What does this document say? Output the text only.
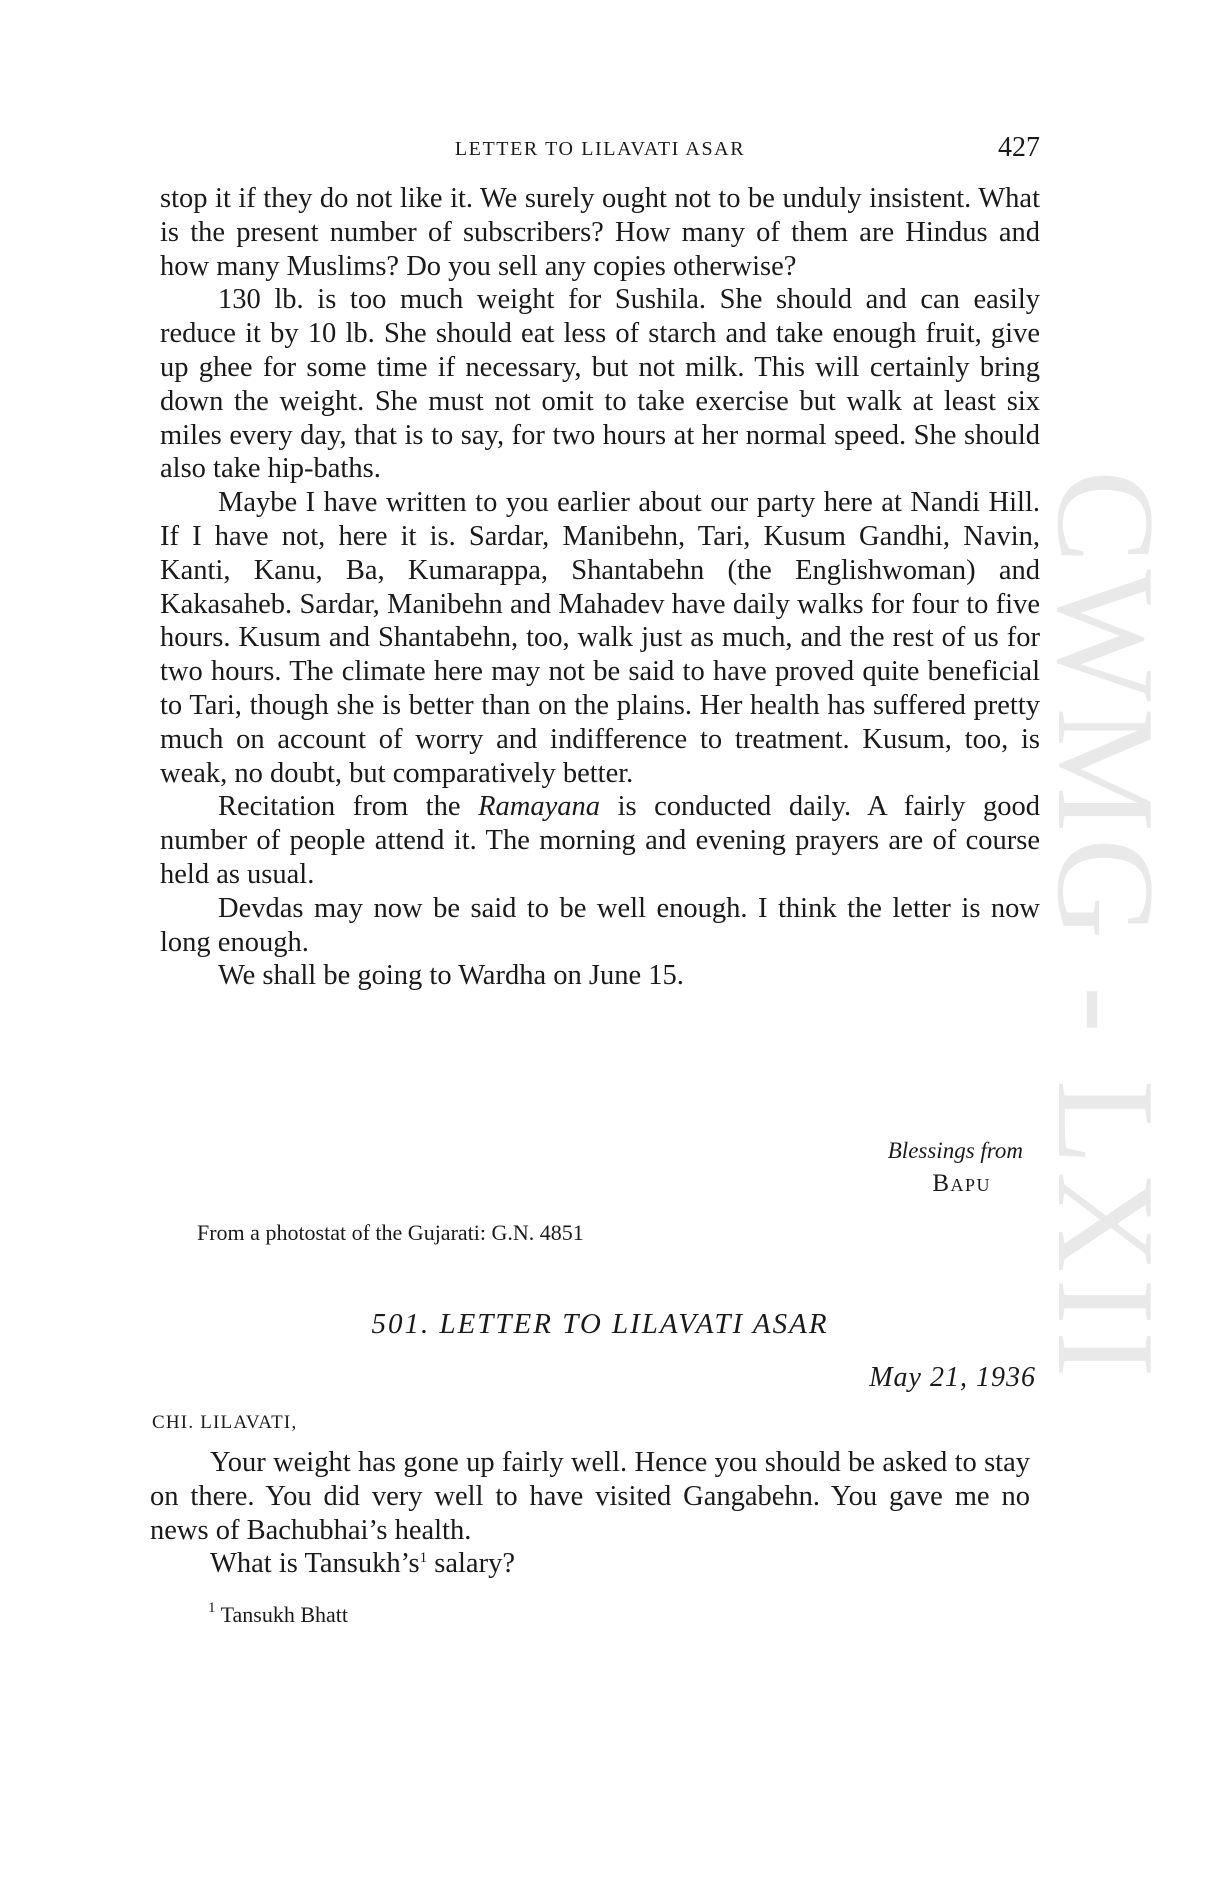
CWMG - LXII
LETTER TO LILAVATI ASAR	427

stop it if they do not like it. We surely ought not to be unduly insistent. What is the present number of subscribers? How many of them are Hindus and how many Muslims? Do you sell any copies otherwise?

130 lb. is too much weight for Sushila. She should and can easily reduce it by 10 lb. She should eat less of starch and take enough fruit, give up ghee for some time if necessary, but not milk. This will certainly bring down the weight. She must not omit to take exercise but walk at least six miles every day, that is to say, for two hours at her normal speed. She should also take hip-baths.

Maybe I have written to you earlier about our party here at Nandi Hill. If I have not, here it is. Sardar, Manibehn, Tari, Kusum Gandhi, Navin, Kanti, Kanu, Ba, Kumarappa, Shantabehn (the Englishwoman) and Kakasaheb. Sardar, Manibehn and Mahadev have daily walks for four to five hours. Kusum and Shantabehn, too, walk just as much, and the rest of us for two hours. The climate here may not be said to have proved quite beneficial to Tari, though she is better than on the plains. Her health has suffered pretty much on account of worry and indifference to treatment. Kusum, too, is weak, no doubt, but comparatively better.

Recitation from the Ramayana is conducted daily. A fairly good number of people attend it. The morning and evening prayers are of course held as usual.

Devdas may now be said to be well enough. I think the letter is now long enough.

We shall be going to Wardha on June 15.

Blessings from
Bapu
From a photostat of the Gujarati: G.N. 4851
501. LETTER TO LILAVATI ASAR
May 21, 1936
CHI. LILAVATI,

Your weight has gone up fairly well. Hence you should be asked to stay on there. You did very well to have visited Gangabehn. You gave me no news of Bachubhai’s health.

What is $Tansukh’s^1$ salary?

$^1$ Tansukh Bhatt
